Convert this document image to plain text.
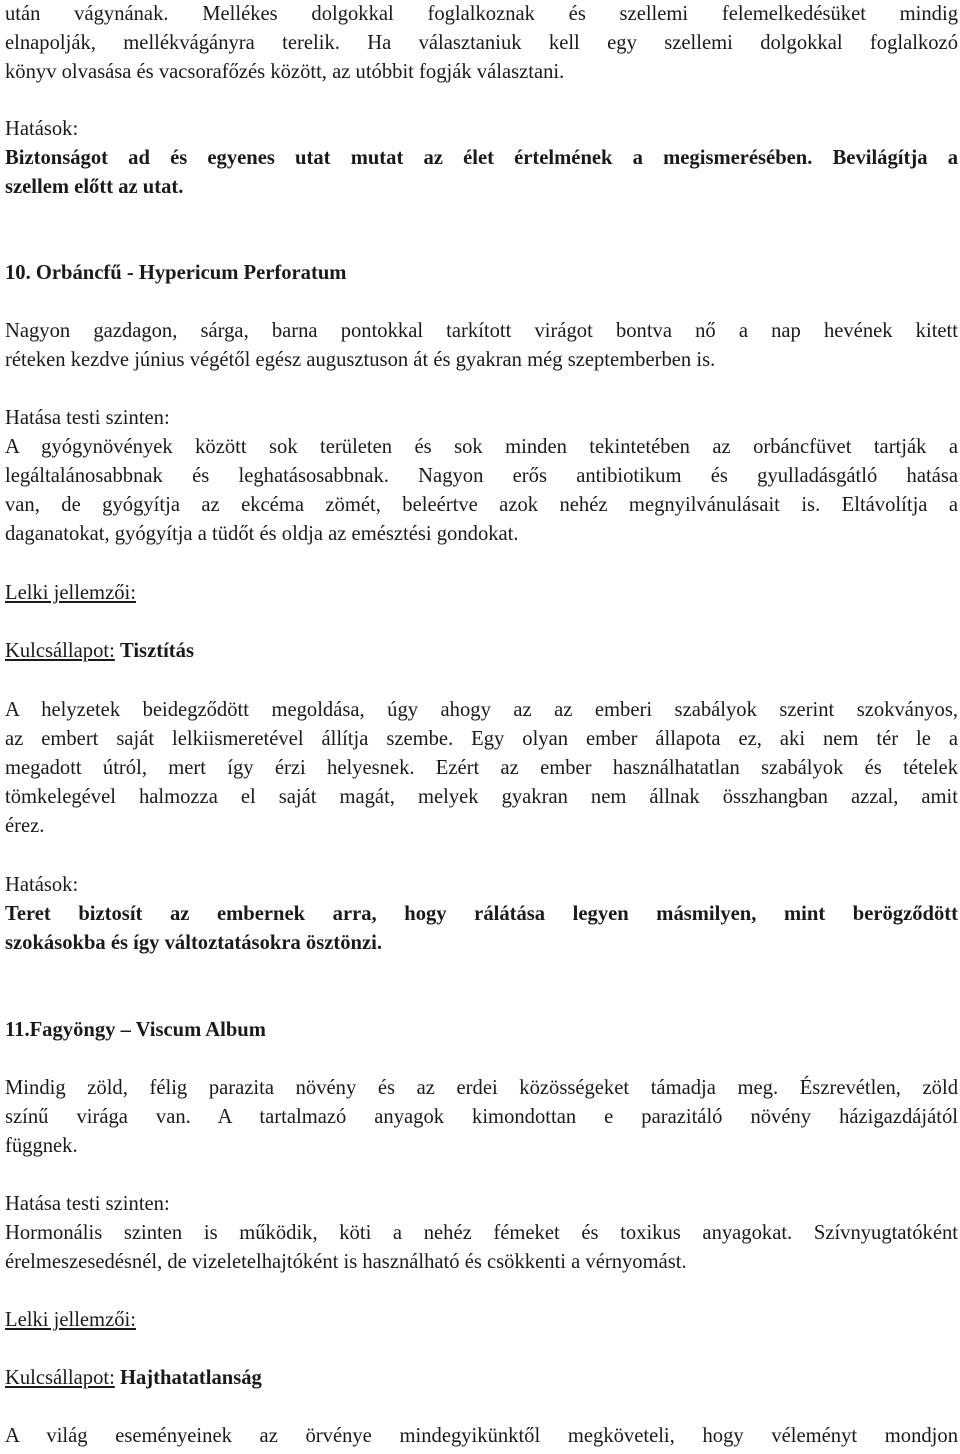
után vágynának. Mellékes dolgokkal foglalkoznak és szellemi felemelkedésüket mindig
elnapolják, mellékvágányra terelik. Ha választaniuk kell egy szellemi dolgokkal foglalkozó
könyv olvasása és vacsorafőzés között, az utóbbit fogják választani.
Hatások:
Biztonságot ad és egyenes utat mutat az élet értelmének a megismerésében. Bevilágítja a
szellem előtt az utat.
10. Orbáncfű - Hypericum Perforatum
Nagyon gazdagon, sárga, barna pontokkal tarkított virágot bontva nő a nap hevének kitett
réteken kezdve június végétől egész augusztuson át és gyakran még szeptemberben is.
Hatása testi szinten:
A gyógynövények között sok területen és sok minden tekintetében az orbáncfüvet tartják a
legáltalánosabbnak és leghatásosabbnak. Nagyon erős antibiotikum és gyulladásgátló hatása
van, de gyógyítja az ekcéma zömét, beleértve azok nehéz megnyilvánulásait is. Eltávolítja a
daganatokat, gyógyítja a tüdőt és oldja az emésztési gondokat.
Lelki jellemzői:
Kulcsállapot: Tisztítás
A helyzetek beidegződött megoldása, úgy ahogy az az emberi szabályok szerint szokványos,
az embert saját lelkiismeretével állítja szembe. Egy olyan ember állapota ez, aki nem tér le a
megadott útról, mert így érzi helyesnek. Ezért az ember használhatatlan szabályok és tételek
tömkelegével halmozza el saját magát, melyek gyakran nem állnak összhangban azzal, amit
érez.
Hatások:
Teret biztosít az embernek arra, hogy rálátása legyen másmilyen, mint berögződött
szokásokba és így változtatásokra ösztönzi.
11.Fagyöngy – Viscum Album
Mindig zöld, félig parazita növény és az erdei közösségeket támadja meg. Észrevétlen, zöld
színű virága van. A tartalmazó anyagok kimondottan e parazitáló növény házigazdájától
függnek.
Hatása testi szinten:
Hormonális szinten is működik, köti a nehéz fémeket és toxikus anyagokat. Szívnyugtatóként
érelmeszesedésnél, de vizeletelhajtóként is használható és csökkenti a vérnyomást.
Lelki jellemzői:
Kulcsállapot: Hajthatatlanság
A világ eseményeinek az örvénye mindegyikünktől megköveteli, hogy véleményt mondjon
